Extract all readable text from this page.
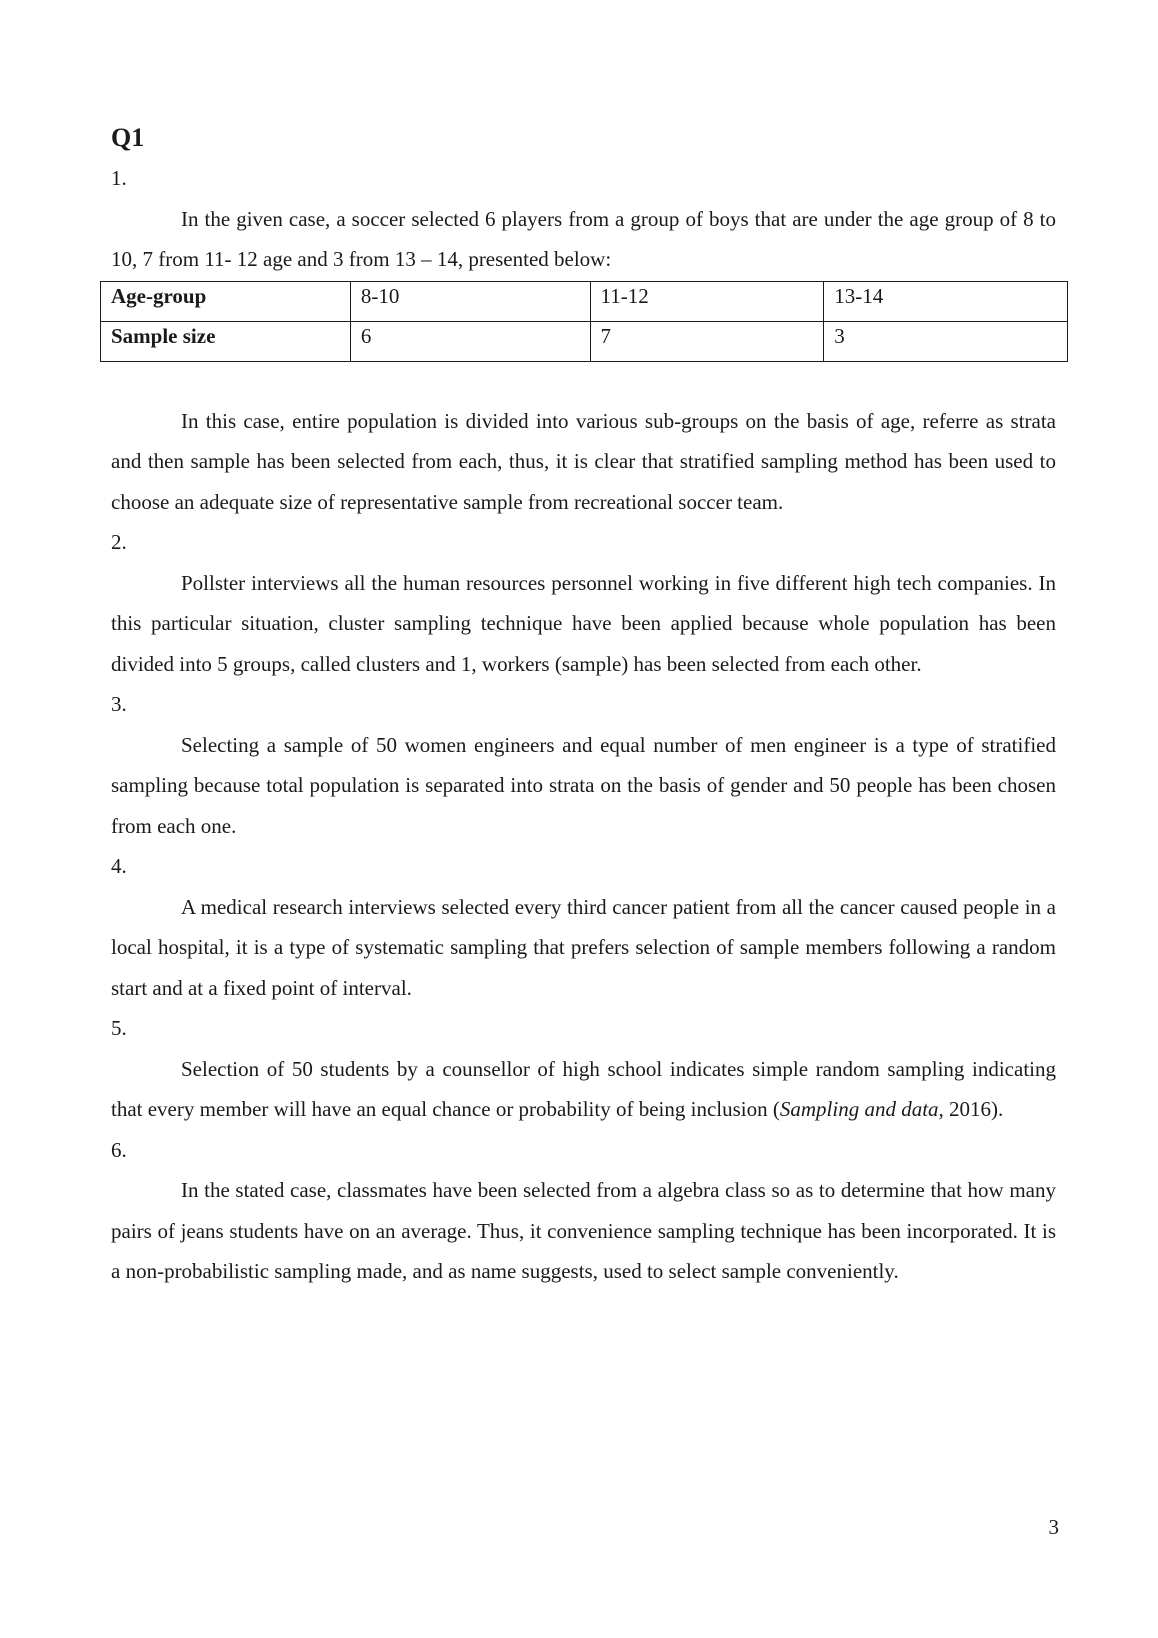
Q1

1.

In the given case, a soccer selected 6 players from a group of boys that are under the age group of 8 to 10, 7 from 11- 12 age and 3 from 13 – 14, presented below:

Age-group	8-10	11-12	13-14
Sample size	6	7	3

In this case, entire population is divided into various sub-groups on the basis of age, referre as strata and then sample has been selected from each, thus, it is clear that stratified sampling method has been used to choose an adequate size of representative sample from recreational soccer team.

2.

Pollster interviews all the human resources personnel working in five different high tech companies. In this particular situation, cluster sampling technique have been applied because whole population has been divided into 5 groups, called clusters and 1, workers (sample) has been selected from each other.

3.

Selecting a sample of 50 women engineers and equal number of men engineer is a type of stratified sampling because total population is separated into strata on the basis of gender and 50 people has been chosen from each one.

4.

A medical research interviews selected every third cancer patient from all the cancer caused people in a local hospital, it is a type of systematic sampling that prefers selection of sample members following a random start and at a fixed point of interval.

5.

Selection of 50 students by a counsellor of high school indicates simple random sampling indicating that every member will have an equal chance or probability of being inclusion (Sampling and data, 2016).

6.

In the stated case, classmates have been selected from a algebra class so as to determine that how many pairs of jeans students have on an average. Thus, it convenience sampling technique has been incorporated. It is a non-probabilistic sampling made, and as name suggests, used to select sample conveniently.

3
